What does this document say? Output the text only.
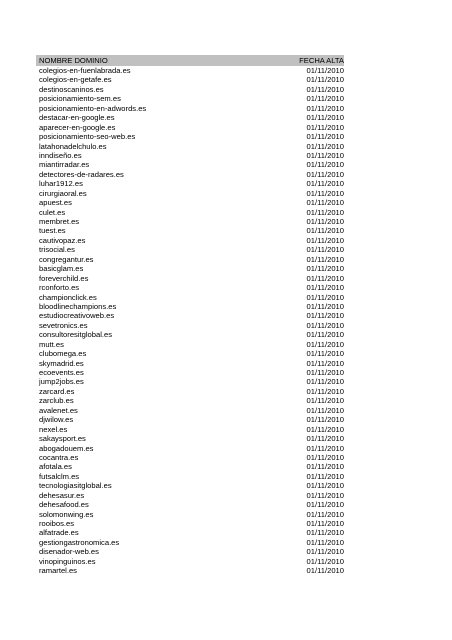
NOMBRE DOMINIO	FECHA ALTA
colegios-en-fuenlabrada.es	01/11/2010
colegios-en-getafe.es	01/11/2010
destinoscaninos.es	01/11/2010
posicionamiento-sem.es	01/11/2010
posicionamiento-en-adwords.es	01/11/2010
destacar-en-google.es	01/11/2010
aparecer-en-google.es	01/11/2010
posicionamiento-seo-web.es	01/11/2010
latahonadelchulo.es	01/11/2010
inndiseño.es	01/11/2010
miantirradar.es	01/11/2010
detectores-de-radares.es	01/11/2010
luhar1912.es	01/11/2010
cirurgiaoral.es	01/11/2010
apuest.es	01/11/2010
culet.es	01/11/2010
membret.es	01/11/2010
tuest.es	01/11/2010
cautivopaz.es	01/11/2010
trisocial.es	01/11/2010
congregantur.es	01/11/2010
basicglam.es	01/11/2010
foreverchild.es	01/11/2010
rconforto.es	01/11/2010
championclick.es	01/11/2010
bloodlinechampions.es	01/11/2010
estudiocreativoweb.es	01/11/2010
sevetronics.es	01/11/2010
consultoresitglobal.es	01/11/2010
mutt.es	01/11/2010
clubomega.es	01/11/2010
skymadrid.es	01/11/2010
ecoevents.es	01/11/2010
jump2jobs.es	01/11/2010
zarcard.es	01/11/2010
zarclub.es	01/11/2010
avalenet.es	01/11/2010
djwilow.es	01/11/2010
nexel.es	01/11/2010
sakaysport.es	01/11/2010
abogadouem.es	01/11/2010
cocantra.es	01/11/2010
afotala.es	01/11/2010
futsalclm.es	01/11/2010
tecnologiasitglobal.es	01/11/2010
dehesasur.es	01/11/2010
dehesafood.es	01/11/2010
solomonwing.es	01/11/2010
rooibos.es	01/11/2010
alfatrade.es	01/11/2010
gestiongastronomica.es	01/11/2010
disenador-web.es	01/11/2010
vinopinguinos.es	01/11/2010
ramartel.es	01/11/2010
